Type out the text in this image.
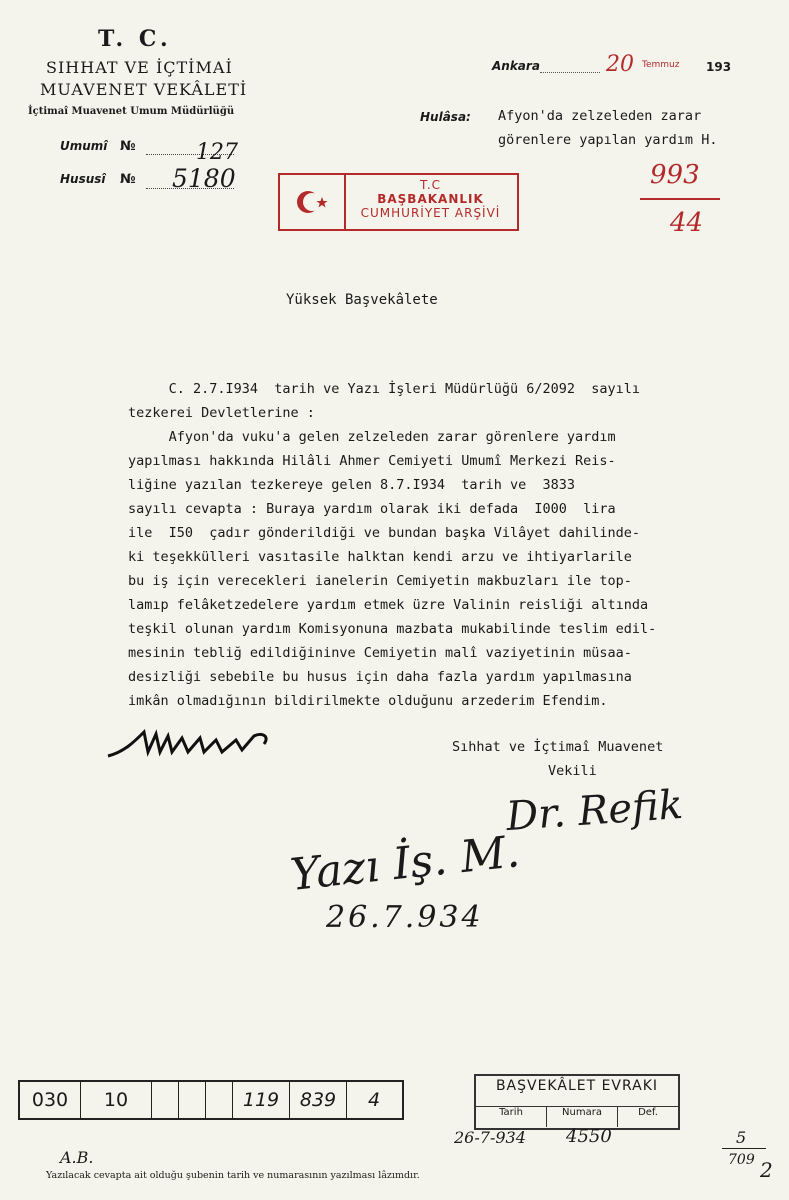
T. C.
SIHHAT VE İÇTİMAİ
MUAVENET VEKÂLETİ
İçtimaî Muavenet Umum Müdürlüğü
Umumî №	127
Hususî № 5180
Ankara	20 Temmuz 193
Hulâsa: Afyon'da zelzeleden zarar
görenlere yapılan yardım H.
993
44
T.C
BAŞBAKANLIK
CUMHURİYET ARŞİVİ
Yüksek Başvekâlete
C. 2.7.I934  tarih ve Yazı İşleri Müdürlüğü 6/2092  sayılı
tezkerei Devletlerine :
Afyon'da vuku'a gelen zelzeleden zarar görenlere yardım
yapılması hakkında Hilâli Ahmer Cemiyeti Umumî Merkezi Reis-
liğine yazılan tezkereye gelen 8.7.I934  tarih ve  3833
sayılı cevapta : Buraya yardım olarak iki defada  I000  lira
ile  I50  çadır gönderildiği ve bundan başka Vilâyet dahilinde-
ki teşekkülleri vasıtasile halktan kendi arzu ve ihtiyarlarile
bu iş için verecekleri ianelerin Cemiyetin makbuzları ile top-
lamıp felâketzedelere yardım etmek üzre Valinin reisliği altında
teşkil olunan yardım Komisyonuna mazbata mukabilinde teslim edil-
mesinin tebliğ edildiğininve Cemiyetin malî vaziyetinin müsaa-
desizliği sebebile bu husus için daha fazla yardım yapılmasına
imkân olmadığının bildirilmekte olduğunu arzederim Efendim.
Sıhhat ve İçtimaî Muavenet
Vekili
Dr. Refik
Yazı İş. M.
26.7.934
030	10	119	839	4
BAŞVEKÂLET EVRAKI
Tarih	Numara	Def.
26-7-934 4550
A.B.
Yazılacak cevapta ait olduğu şubenin tarih ve numarasının yazılması lâzımdır.
5
709 2
